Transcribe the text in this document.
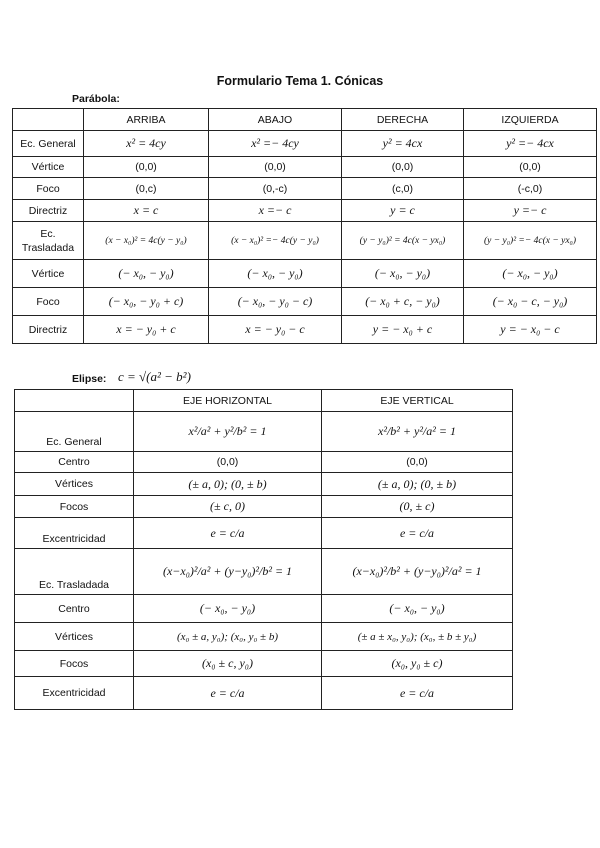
Formulario Tema 1. Cónicas
Parábola:
	ARRIBA	ABAJO	DERECHA	IZQUIERDA
Ec. General	x² = 4cy	x² =− 4cy	y² = 4cx	y² =− 4cx
Vértice	(0,0)	(0,0)	(0,0)	(0,0)
Foco	(0,c)	(0,-c)	(c,0)	(-c,0)
Directriz	x = c	x =− c	y = c	y =− c
Ec. Trasladada	(x − x₀)² = 4c(y − y₀)	(x − x₀)² =− 4c(y − y₀)	(y − y₀)² = 4c(x − yx₀)	(y − y₀)² =− 4c(x − yx₀)
Vértice	(− x₀, − y₀)	(− x₀, − y₀)	(− x₀, − y₀)	(− x₀, − y₀)
Foco	(− x₀, − y₀ + c)	(− x₀, − y₀ − c)	(− x₀ + c, − y₀)	(− x₀ − c, − y₀)
Directriz	x = − y₀ + c	x = − y₀ − c	y = − x₀ + c	y = − x₀ − c
Elipse: c = √(a² − b²)
	EJE HORIZONTAL	EJE VERTICAL
Ec. General	x²/a² + y²/b² = 1	x²/b² + y²/a² = 1
Centro	(0,0)	(0,0)
Vértices	(± a, 0); (0, ± b)	(± a, 0); (0, ± b)
Focos	(± c, 0)	(0, ± c)
Excentricidad	e = c/a	e = c/a
Ec. Trasladada	(x−x₀)²/a² + (y−y₀)²/b² = 1	(x−x₀)²/b² + (y−y₀)²/a² = 1
Centro	(− x₀, − y₀)	(− x₀, − y₀)
Vértices	(x₀ ± a, y₀); (x₀, y₀ ± b)	(± a ± x₀, y₀); (x₀, ± b ± y₀)
Focos	(x₀ ± c, y₀)	(x₀, y₀ ± c)
Excentricidad	e = c/a	e = c/a
